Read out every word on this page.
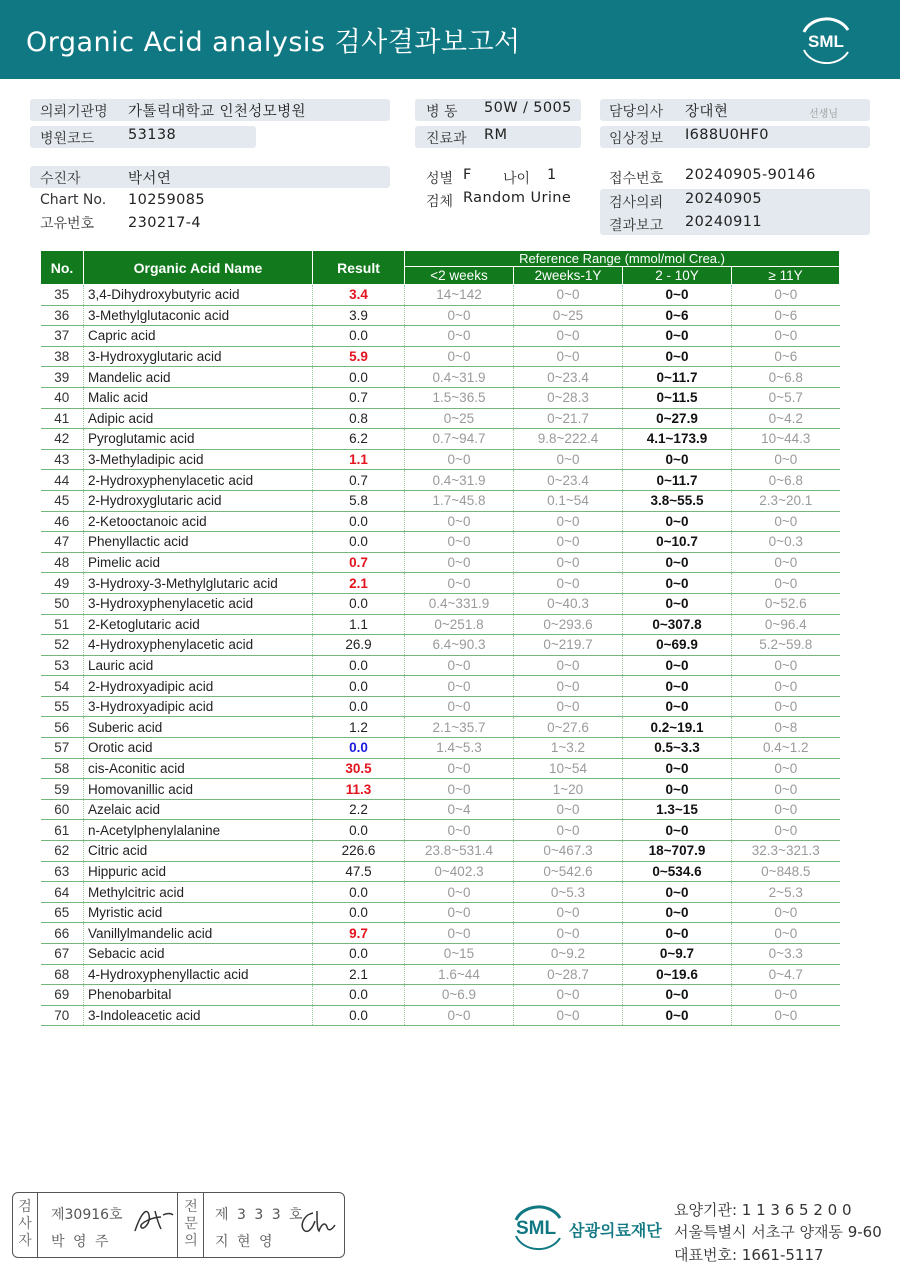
Organic Acid analysis 검사결과보고서	SML
의뢰기관명 가톨릭대학교 인천성모병원
병원코드 53138
병 동 50W / 5005
진료과 RM
담당의사 장대현	선생님
임상정보 I688U0HF0
수진자	박서연
Chart No. 10259085
고유번호 230217-4
성별 F 나이 1
검체 Random Urine
접수번호 20240905-90146
검사의뢰 20240905
결과보고 20240911
No.	Organic Acid Name	Result	Reference Range (mmol/mol Crea.)			
			<2 weeks	2weeks-1Y	2 - 10Y	≥ 11Y
35	3,4-Dihydroxybutyric acid	3.4	14~142	0~0	0~0	0~0
36	3-Methylglutaconic acid	3.9	0~0	0~25	0~6	0~6
37	Capric acid	0.0	0~0	0~0	0~0	0~0
38	3-Hydroxyglutaric acid	5.9	0~0	0~0	0~0	0~6
39	Mandelic acid	0.0	0.4~31.9	0~23.4	0~11.7	0~6.8
40	Malic acid	0.7	1.5~36.5	0~28.3	0~11.5	0~5.7
41	Adipic acid	0.8	0~25	0~21.7	0~27.9	0~4.2
42	Pyroglutamic acid	6.2	0.7~94.7	9.8~222.4	4.1~173.9	10~44.3
43	3-Methyladipic acid	1.1	0~0	0~0	0~0	0~0
44	2-Hydroxyphenylacetic acid	0.7	0.4~31.9	0~23.4	0~11.7	0~6.8
45	2-Hydroxyglutaric acid	5.8	1.7~45.8	0.1~54	3.8~55.5	2.3~20.1
46	2-Ketooctanoic acid	0.0	0~0	0~0	0~0	0~0
47	Phenyllactic acid	0.0	0~0	0~0	0~10.7	0~0.3
48	Pimelic acid	0.7	0~0	0~0	0~0	0~0
49	3-Hydroxy-3-Methylglutaric acid	2.1	0~0	0~0	0~0	0~0
50	3-Hydroxyphenylacetic acid	0.0	0.4~331.9	0~40.3	0~0	0~52.6
51	2-Ketoglutaric acid	1.1	0~251.8	0~293.6	0~307.8	0~96.4
52	4-Hydroxyphenylacetic acid	26.9	6.4~90.3	0~219.7	0~69.9	5.2~59.8
53	Lauric acid	0.0	0~0	0~0	0~0	0~0
54	2-Hydroxyadipic acid	0.0	0~0	0~0	0~0	0~0
55	3-Hydroxyadipic acid	0.0	0~0	0~0	0~0	0~0
56	Suberic acid	1.2	2.1~35.7	0~27.6	0.2~19.1	0~8
57	Orotic acid	0.0	1.4~5.3	1~3.2	0.5~3.3	0.4~1.2
58	cis-Aconitic acid	30.5	0~0	10~54	0~0	0~0
59	Homovanillic acid	11.3	0~0	1~20	0~0	0~0
60	Azelaic acid	2.2	0~4	0~0	1.3~15	0~0
61	n-Acetylphenylalanine	0.0	0~0	0~0	0~0	0~0
62	Citric acid	226.6	23.8~531.4	0~467.3	18~707.9	32.3~321.3
63	Hippuric acid	47.5	0~402.3	0~542.6	0~534.6	0~848.5
64	Methylcitric acid	0.0	0~0	0~5.3	0~0	2~5.3
65	Myristic acid	0.0	0~0	0~0	0~0	0~0
66	Vanillylmandelic acid	9.7	0~0	0~0	0~0	0~0
67	Sebacic acid	0.0	0~15	0~9.2	0~9.7	0~3.3
68	4-Hydroxyphenyllactic acid	2.1	1.6~44	0~28.7	0~19.6	0~4.7
69	Phenobarbital	0.0	0~6.9	0~0	0~0	0~0
70	3-Indoleacetic acid	0.0	0~0	0~0	0~0	0~0
검
사
자
제30916호
박 영 주
전
문
의
제 3 3 3 호
지 현 영
SML 삼광의료재단
요양기관: 1 1 3 6 5 2 0 0
서울특별시 서초구 양재동 9-60
대표번호: 1661-5117
